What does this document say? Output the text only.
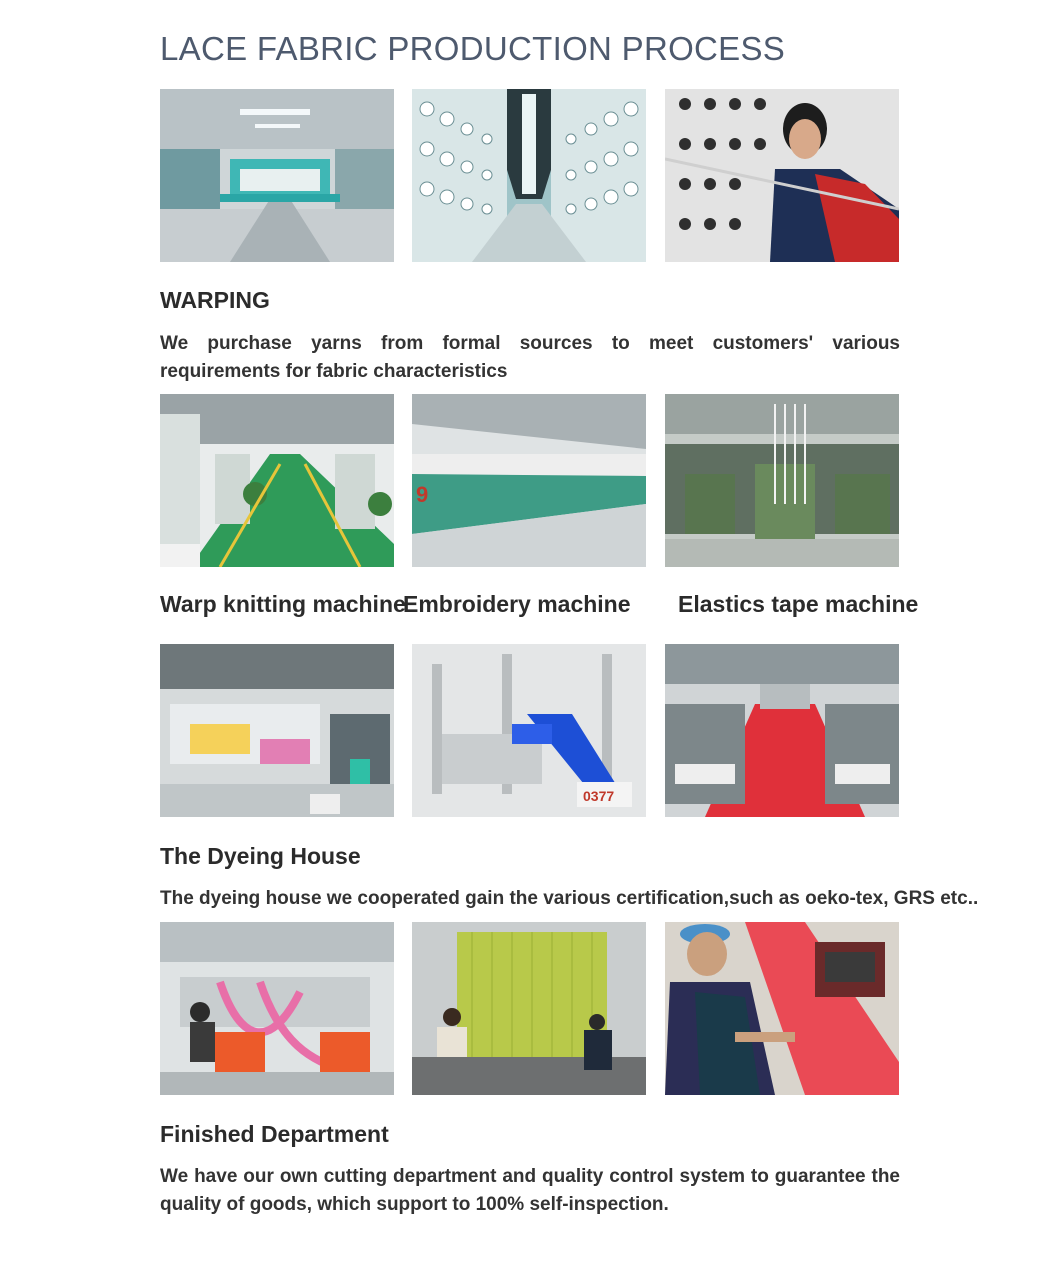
LACE FABRIC PRODUCTION PROCESS
WARPING
We purchase yarns from formal sources to meet customers' various requirements for fabric characteristics
9
Warp knitting machine
Embroidery machine Elastics tape machine
0377
The Dyeing House
The dyeing house we cooperated gain the various certification,such as oeko-tex, GRS etc..
Finished Department
We have our own cutting department and quality control system to guarantee the quality of goods, which support to 100% self-inspection.
